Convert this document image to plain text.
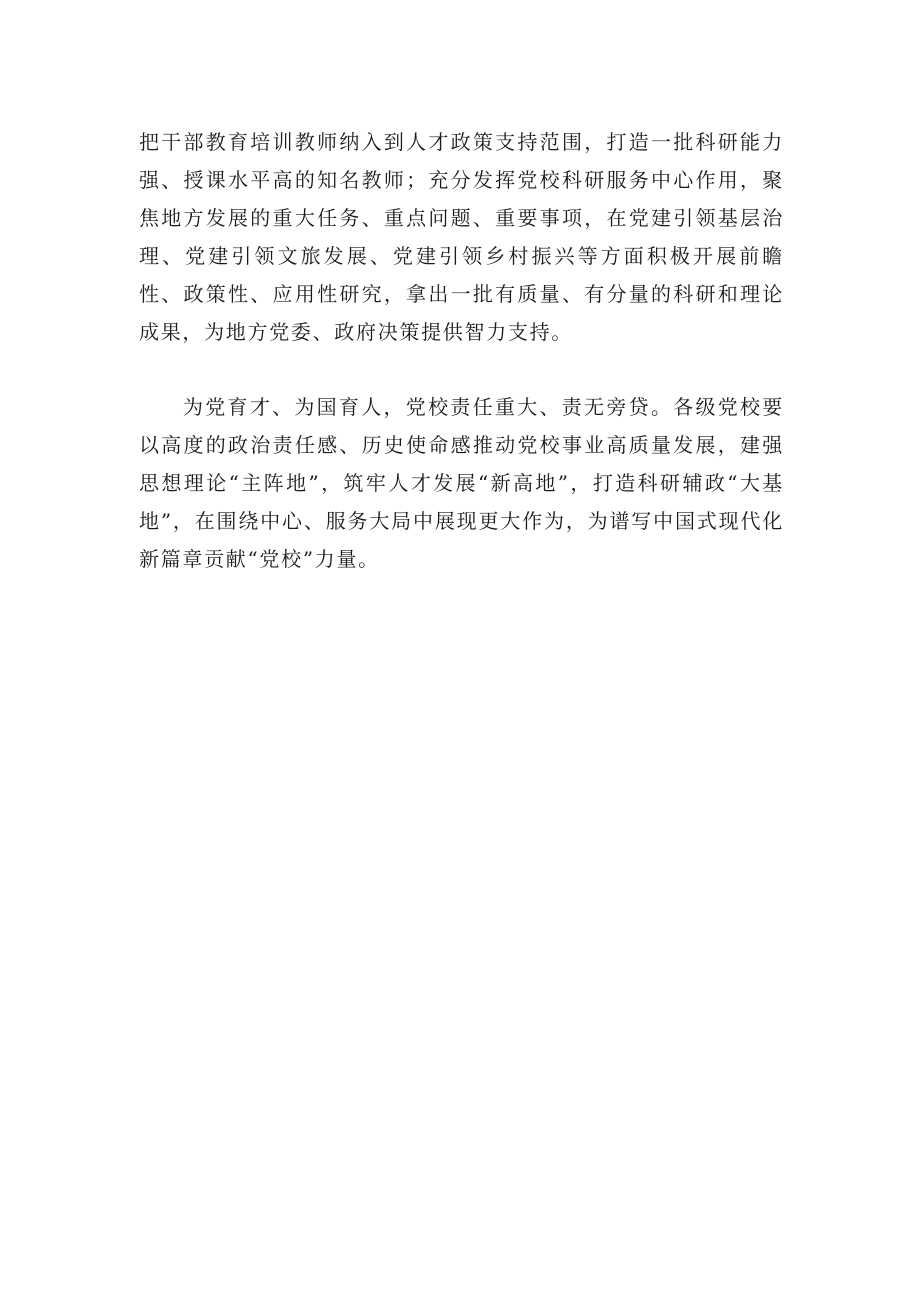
把干部教育培训教师纳入到人才政策支持范围，打造一批科研能力强、授课水平高的知名教师；充分发挥党校科研服务中心作用，聚焦地方发展的重大任务、重点问题、重要事项，在党建引领基层治理、党建引领文旅发展、党建引领乡村振兴等方面积极开展前瞻性、政策性、应用性研究，拿出一批有质量、有分量的科研和理论成果，为地方党委、政府决策提供智力支持。

为党育才、为国育人，党校责任重大、责无旁贷。各级党校要以高度的政治责任感、历史使命感推动党校事业高质量发展，建强思想理论“主阵地”，筑牢人才发展“新高地”，打造科研辅政“大基地”，在围绕中心、服务大局中展现更大作为，为谱写中国式现代化新篇章贡献“党校”力量。
